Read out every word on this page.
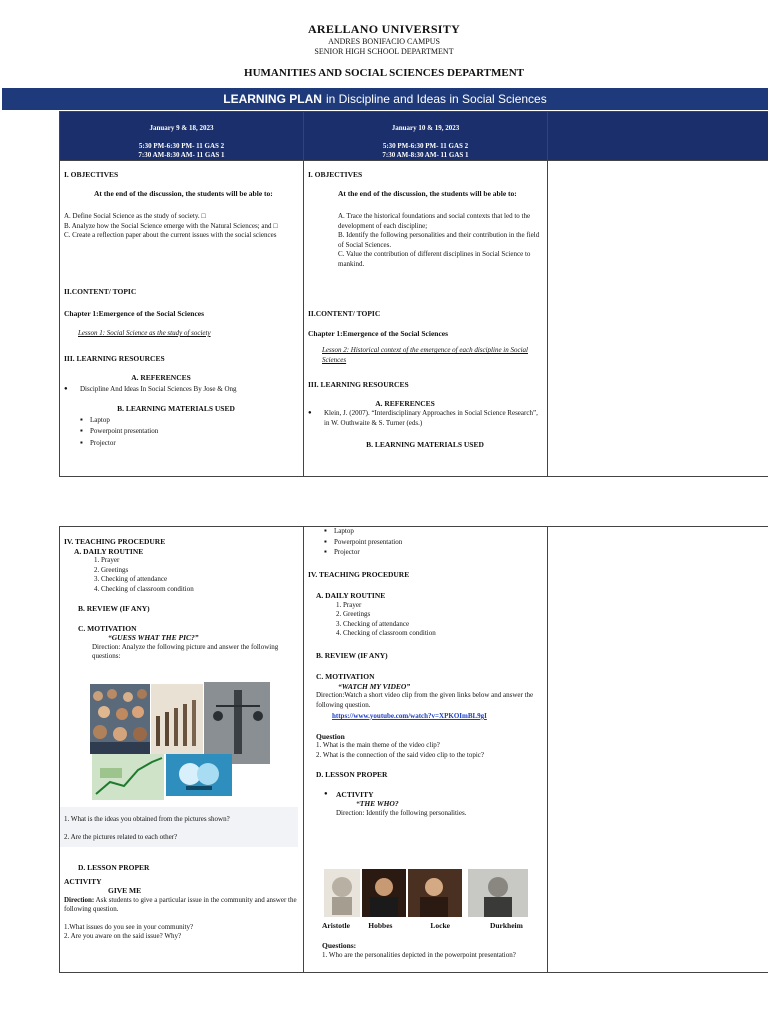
ARELLANO UNIVERSITY
ANDRES BONIFACIO CAMPUS
SENIOR HIGH SCHOOL DEPARTMENT
HUMANITIES AND SOCIAL SCIENCES DEPARTMENT
LEARNING PLAN in Discipline and Ideas in Social Sciences
January 9 & 18, 2023
5:30 PM-6:30 PM- 11 GAS 2
7:30 AM-8:30 AM- 11 GAS 1
January 10 & 19, 2023
5:30 PM-6:30 PM- 11 GAS 2
7:30 AM-8:30 AM- 11 GAS 1
I. OBJECTIVES
At the end of the discussion, the students will be able to:
A. Define Social Science as the study of society. □
B. Analyze how the Social Science emerge with the Natural Sciences; and □
C. Create a reflection paper about the current issues with the social sciences
II.CONTENT/ TOPIC
Chapter 1:Emergence of the Social Sciences
Lesson 1: Social Science as the study of society
III. LEARNING RESOURCES
A. REFERENCES
● Discipline And Ideas In Social Sciences By Jose & Ong
B. LEARNING MATERIALS USED
▪ Laptop
▪ Powerpoint presentation
▪ Projector
I. OBJECTIVES
At the end of the discussion, the students will be able to:
A. Trace the historical foundations and social contexts that led to the development of each discipline;
B. Identify the following personalities and their contribution in the field of Social Sciences.
C. Value the contribution of different disciplines in Social Science to mankind.
II.CONTENT/ TOPIC
Chapter 1:Emergence of the Social Sciences
Lesson 2: Historical context of the emergence of each discipline in Social Sciences
III. LEARNING RESOURCES
A. REFERENCES
● Klein, J. (2007). “Interdisciplinary Approaches in Social Science Research”, in W. Outhwaite & S. Turner (eds.)
B. LEARNING MATERIALS USED
IV. TEACHING PROCEDURE
A. DAILY ROUTINE
1. Prayer
2. Greetings
3. Checking of attendance
4. Checking of classroom condition
B. REVIEW (IF ANY)
C. MOTIVATION
“GUESS WHAT THE PIC?”
Direction: Analyze the following picture and answer the following questions:
1. What is the ideas you obtained from the pictures shown?
2. Are the pictures related to each other?
D. LESSON PROPER
ACTIVITY
GIVE ME
Direction: Ask students to give a particular issue in the community and answer the following question.
1.What issues do you see in your community?
2. Are you aware on the said issue? Why?
▪ Laptop
▪ Powerpoint presentation
▪ Projector
IV. TEACHING PROCEDURE
A. DAILY ROUTINE
1. Prayer
2. Greetings
3. Checking of attendance
4. Checking of classroom condition
B. REVIEW (IF ANY)
C. MOTIVATION
“WATCH MY VIDEO”
Direction:Watch a short video clip from the given links below and answer the following question.
https://www.youtube.com/watch?v=XPKOImBL9gI
Question
1. What is the main theme of the video clip?
2. What is the connection of the said video clip to the topic?
D. LESSON PROPER
● ACTIVITY
“THE WHO?
Direction: Identify the following personalities.
Aristotle	Hobbes	Locke	Durkheim
Questions:
1. Who are the personalities depicted in the powerpoint presentation?
